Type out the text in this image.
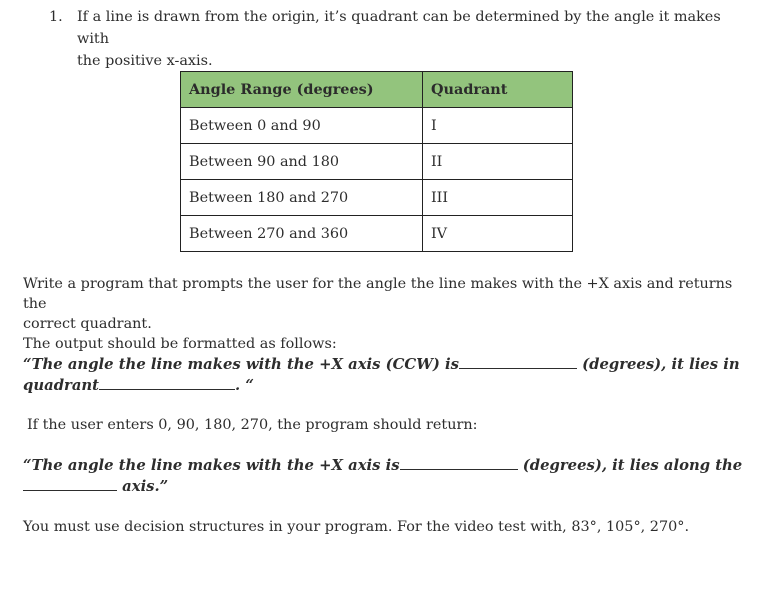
1. If a line is drawn from the origin, it’s quadrant can be determined by the angle it makes with
the positive x-axis.
Angle Range (degrees)	Quadrant
Between 0 and 90	I
Between 90 and 180	II
Between 180 and 270	III
Between 270 and 360	IV
Write a program that prompts the user for the angle the line makes with the +X axis and returns the
correct quadrant.
The output should be formatted as follows:
“The angle the line makes with the +X axis (CCW) is	(degrees), it lies in
quadrant	. “
If the user enters 0, 90, 180, 270, the program should return:
“The angle the line makes with the +X axis is	(degrees), it lies along the
axis.”
You must use decision structures in your program. For the video test with, 83°, 105°, 270°.
